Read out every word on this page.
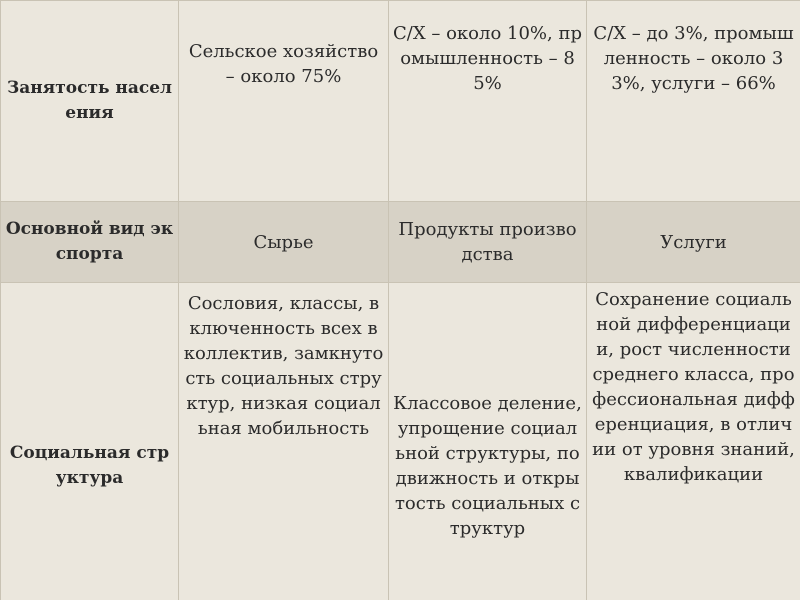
Занятость населения	Сельское хозяйство – около 75%	С/Х – около 10%, промышленность – 85%	С/Х – до 3%, промышленность – около 33%, услуги – 66%
Основной вид экспорта	Сырье	Продукты производства	Услуги
Социальная структура	Сословия, классы, включенность всех в коллектив, замкнутость социальных структур, низкая социальная мобильность	Классовое деление, упрощение социальной структуры, подвижность и открытость социальных структур	Сохранение социальной дифференциации, рост численности среднего класса, профессиональная дифференциация, в отличии от уровня знаний, квалификации
